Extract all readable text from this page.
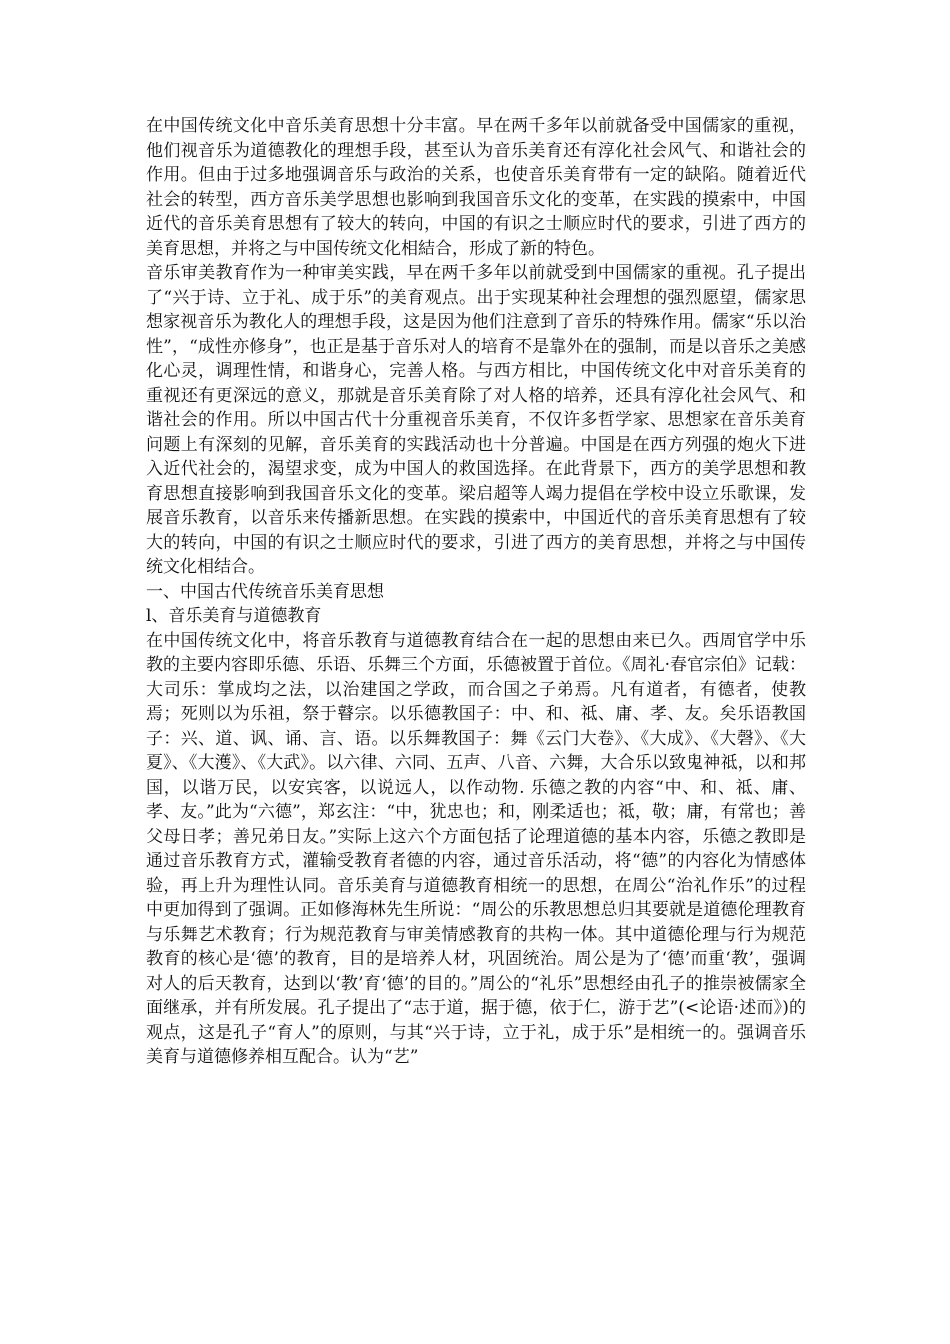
在中国传统文化中音乐美育思想十分丰富。早在两千多年以前就备受中国儒家的重视，他们视音乐为道德教化的理想手段，甚至认为音乐美育还有淳化社会风气、和谐社会的作用。但由于过多地强调音乐与政治的关系，也使音乐美育带有一定的缺陷。随着近代社会的转型，西方音乐美学思想也影响到我国音乐文化的变革，在实践的摸索中，中国近代的音乐美育思想有了较大的转向，中国的有识之士顺应时代的要求，引进了西方的美育思想，并将之与中国传统文化相結合，形成了新的特色。

音乐审美教育作为一种审美实践，早在两千多年以前就受到中国儒家的重视。孔子提出了“兴于诗、立于礼、成于乐”的美育观点。出于实现某种社会理想的强烈愿望，儒家思想家视音乐为教化人的理想手段，这是因为他们注意到了音乐的特殊作用。儒家“乐以治性”，“成性亦修身”，也正是基于音乐对人的培育不是靠外在的强制，而是以音乐之美感化心灵，调理性情，和谐身心，完善人格。与西方相比，中国传统文化中对音乐美育的重视还有更深远的意义，那就是音乐美育除了对人格的培养，还具有淳化社会风气、和谐社会的作用。所以中国古代十分重视音乐美育，不仅许多哲学家、思想家在音乐美育问题上有深刻的见解，音乐美育的实践活动也十分普遍。中国是在西方列强的炮火下进入近代社会的，渴望求变，成为中国人的救国选择。在此背景下，西方的美学思想和教育思想直接影响到我国音乐文化的变革。梁启超等人竭力提倡在学校中设立乐歌课，发展音乐教育，以音乐来传播新思想。在实践的摸索中，中国近代的音乐美育思想有了较大的转向，中国的有识之士顺应时代的要求，引进了西方的美育思想，并将之与中国传统文化相结合。

一、中国古代传统音乐美育思想

l、音乐美育与道德教育

在中国传统文化中，将音乐教育与道德教育结合在一起的思想由来已久。西周官学中乐教的主要内容即乐德、乐语、乐舞三个方面，乐德被置于首位。《周礼·春官宗伯》记载：大司乐：掌成均之法，以治建国之学政，而合国之子弟焉。凡有道者，有德者，使教焉；死则以为乐祖，祭于瞽宗。以乐德教国子：中、和、祗、庸、孝、友。矣乐语教国子：兴、道、讽、诵、言、语。以乐舞教国子：舞《云门大卷》、《大成》、《大磬》、《大夏》、《大濩》、《大武》。以六律、六同、五声、八音、六舞，大合乐以致鬼神祗，以和邦国，以谐万民，以安宾客，以说远人，以作动物. 乐德之教的内容“中、和、祗、庸、孝、友。”此为“六德”，郑玄注：“中，犹忠也；和，刚柔适也；祗，敬；庸，有常也；善父母日孝；善兄弟日友。”实际上这六个方面包括了论理道德的基本内容，乐德之教即是通过音乐教育方式，灌输受教育者德的内容，通过音乐活动，将“德”的内容化为情感体验，再上升为理性认同。音乐美育与道德教育相统一的思想，在周公“治礼作乐”的过程中更加得到了强调。正如修海林先生所说：“周公的乐教思想总归其要就是道德伦理教育与乐舞艺术教育；行为规范教育与审美情感教育的共构一体。其中道德伦理与行为规范教育的核心是‘德’的教育，目的是培养人材，巩固统治。周公是为了‘德’而重‘教’，强调对人的后天教育，达到以‘教’育‘德’的目的。”周公的“礼乐”思想经由孔子的推崇被儒家全面继承，并有所发展。孔子提出了“志于道，据于德，依于仁，游于艺”(<论语·述而》)的观点，这是孔子“育人”的原则，与其“兴于诗，立于礼，成于乐”是相统一的。强调音乐美育与道德修养相互配合。认为“艺”
